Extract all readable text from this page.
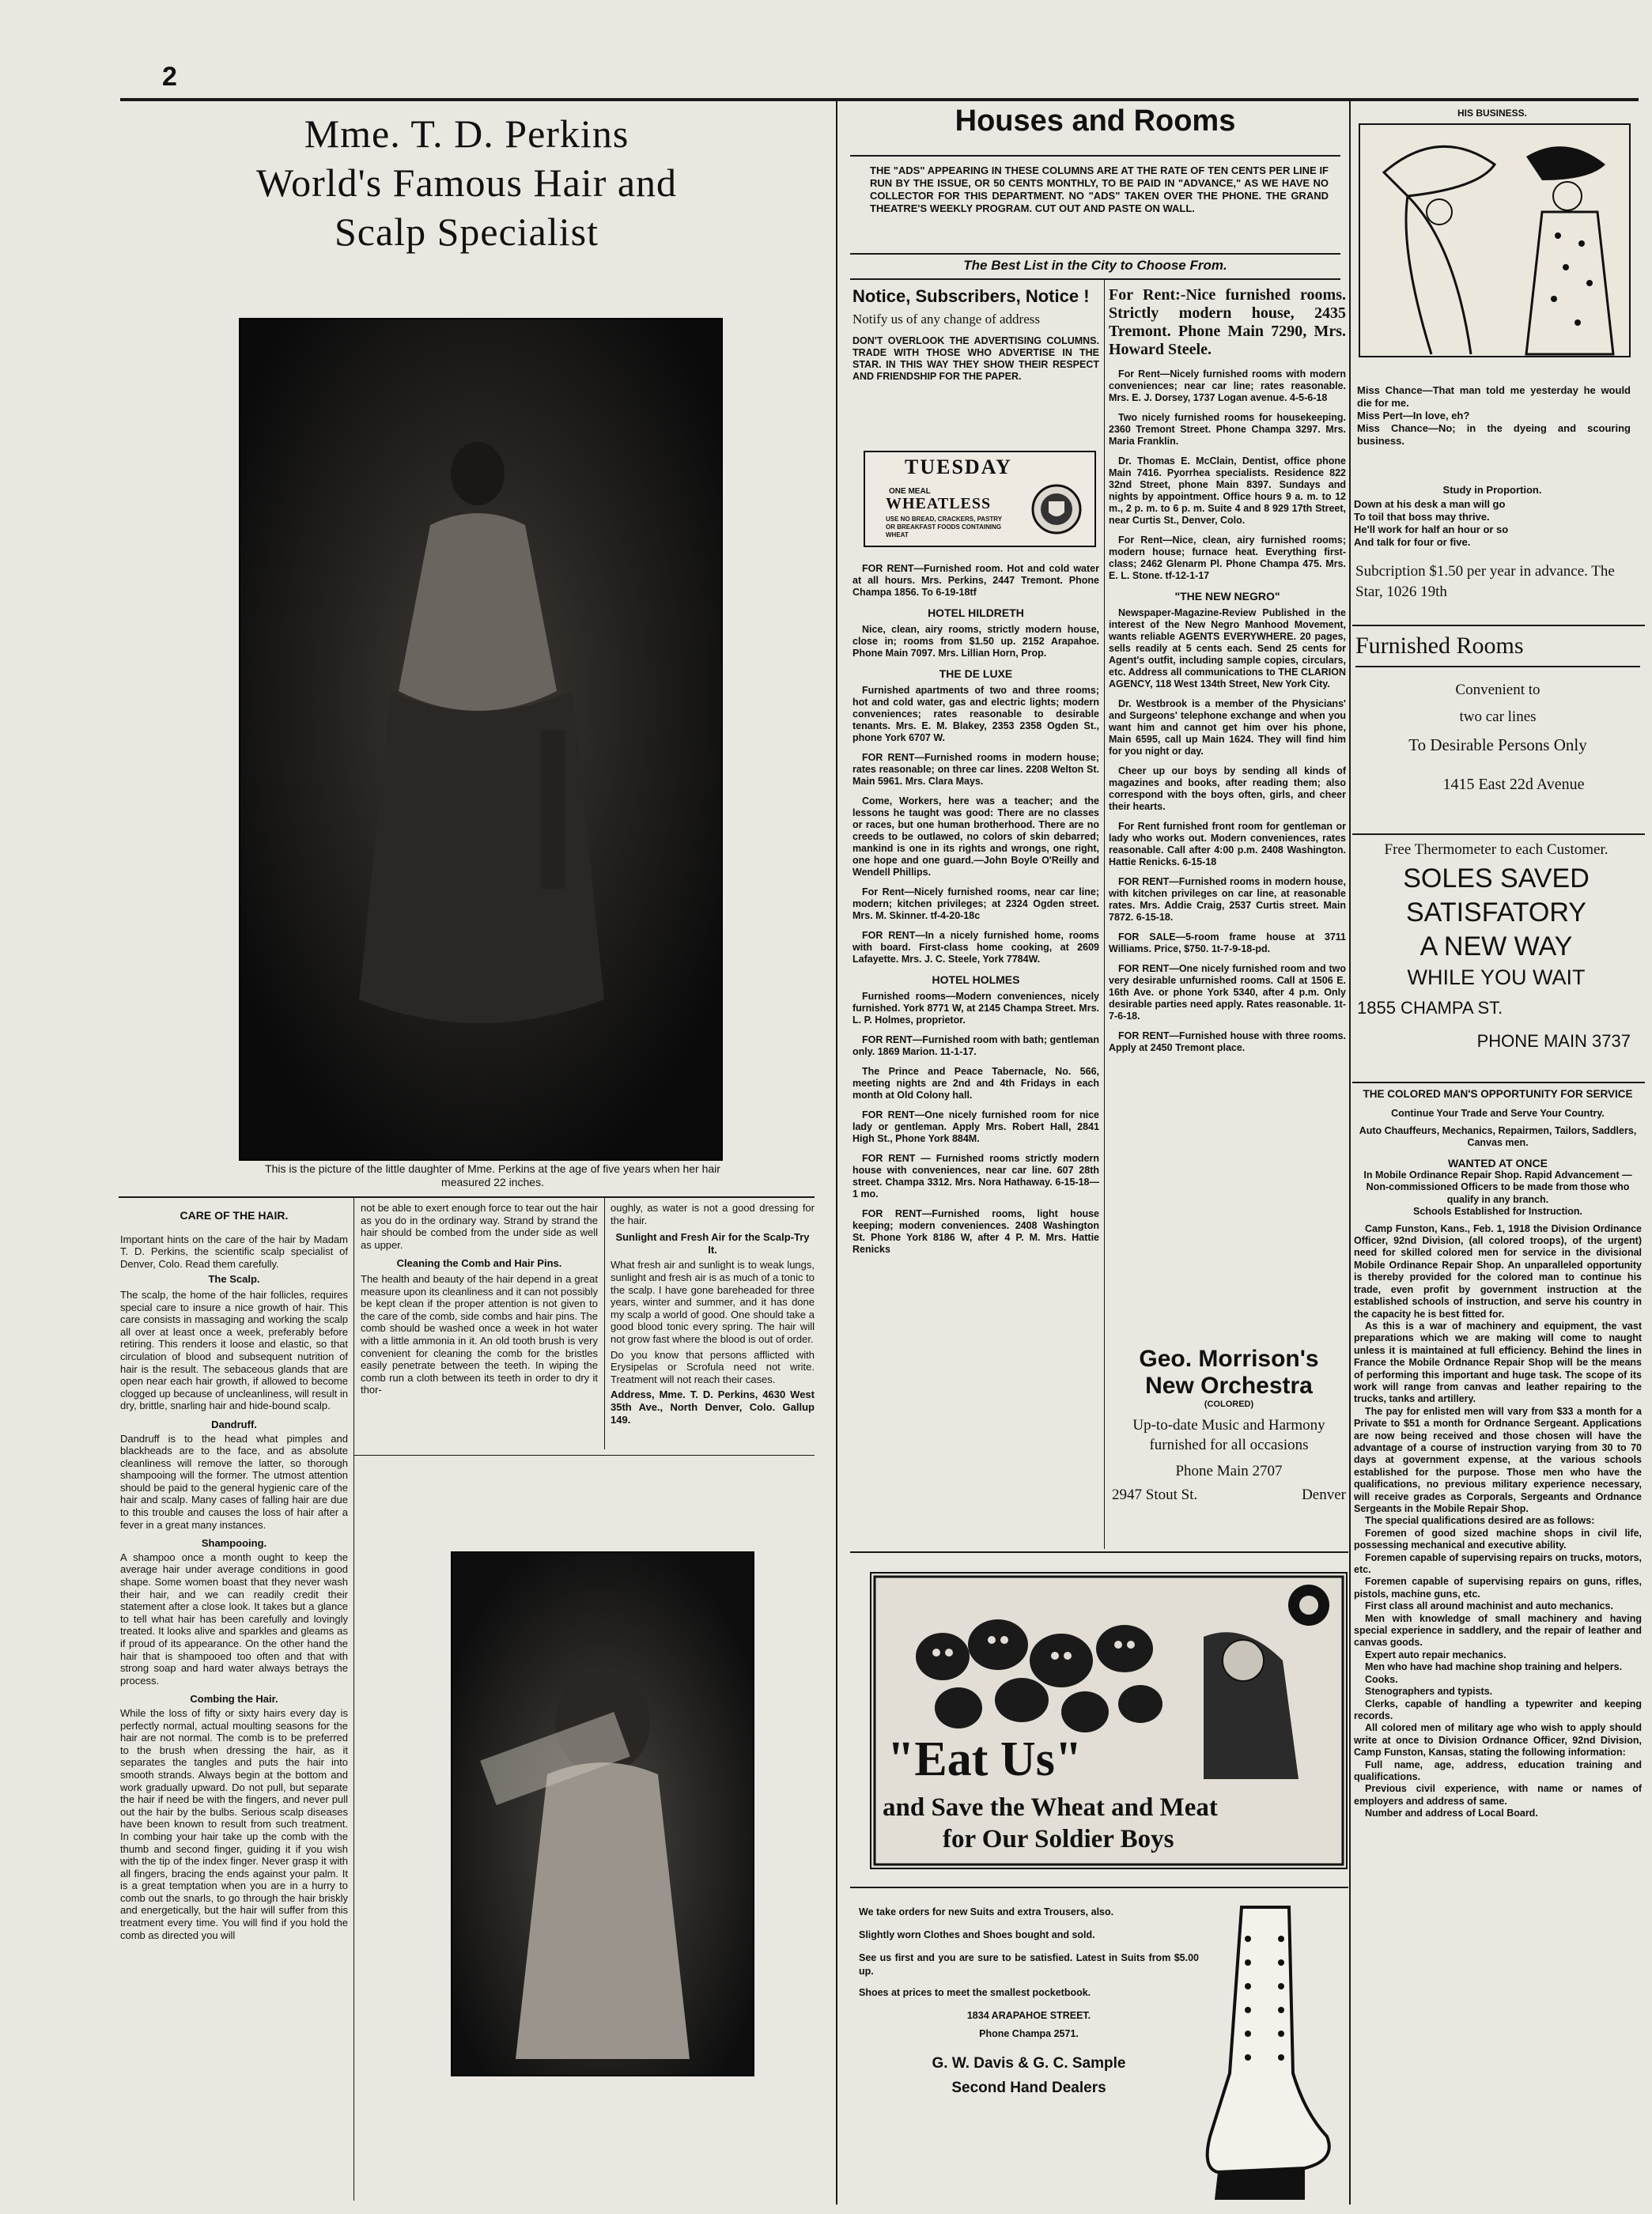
2
Mme. T. D. Perkins
World's Famous Hair and
Scalp Specialist
This is the picture of the little daughter of Mme. Perkins at the age of five years when her hair measured 22 inches.
CARE OF THE HAIR.
Important hints on the care of the hair by Madam T. D. Perkins, the scientific scalp specialist of Denver, Colo. Read them carefully.
The Scalp.
The scalp, the home of the hair follicles, requires special care to insure a nice growth of hair. This care consists in massaging and working the scalp all over at least once a week, preferably before retiring. This renders it loose and elastic, so that circulation of blood and subsequent nutrition of hair is the result. The sebaceous glands that are open near each hair growth, if allowed to become clogged up because of uncleanliness, will result in dry, brittle, snarling hair and hide-bound scalp.
Dandruff.
Dandruff is to the head what pimples and blackheads are to the face, and as absolute cleanliness will remove the latter, so thorough shampooing will the former. The utmost attention should be paid to the general hygienic care of the hair and scalp. Many cases of falling hair are due to this trouble and causes the loss of hair after a fever in a great many instances.
Shampooing.
A shampoo once a month ought to keep the average hair under average conditions in good shape. Some women boast that they never wash their hair, and we can readily credit their statement after a close look. It takes but a glance to tell what hair has been carefully and lovingly treated. It looks alive and sparkles and gleams as if proud of its appearance. On the other hand the hair that is shampooed too often and that with strong soap and hard water always betrays the process.
Combing the Hair.
While the loss of fifty or sixty hairs every day is perfectly normal, actual moulting seasons for the hair are not normal. The comb is to be preferred to the brush when dressing the hair, as it separates the tangles and puts the hair into smooth strands. Always begin at the bottom and work gradually upward. Do not pull, but separate the hair if need be with the fingers, and never pull out the hair by the bulbs. Serious scalp diseases have been known to result from such treatment. In combing your hair take up the comb with the thumb and second finger, guiding it if you wish with the tip of the index finger. Never grasp it with all fingers, bracing the ends against your palm. It is a great temptation when you are in a hurry to comb out the snarls, to go through the hair briskly and energetically, but the hair will suffer from this treatment every time. You will find if you hold the comb as directed you will
not be able to exert enough force to tear out the hair as you do in the ordinary way. Strand by strand the hair should be combed from the under side as well as upper.
Cleaning the Comb and Hair Pins.
The health and beauty of the hair depend in a great measure upon its cleanliness and it can not possibly be kept clean if the proper attention is not given to the care of the comb, side combs and hair pins. The comb should be washed once a week in hot water with a little ammonia in it. An old tooth brush is very convenient for cleaning the comb for the bristles easily penetrate between the teeth. In wiping the comb run a cloth between its teeth in order to dry it thor-
oughly, as water is not a good dressing for the hair.
Sunlight and Fresh Air for the Scalp-Try It.
What fresh air and sunlight is to weak lungs, sunlight and fresh air is as much of a tonic to the scalp. I have gone bareheaded for three years, winter and summer, and it has done my scalp a world of good. One should take a good blood tonic every spring. The hair will not grow fast where the blood is out of order.
Do you know that persons afflicted with Erysipelas or Scrofula need not write. Treatment will not reach their cases.
Address, Mme. T. D. Perkins, 4630 West 35th Ave., North Denver, Colo. Gallup 149.
Houses and Rooms
THE "ADS" APPEARING IN THESE COLUMNS ARE AT THE RATE OF TEN CENTS PER LINE IF RUN BY THE ISSUE, OR 50 CENTS MONTHLY, TO BE PAID IN "ADVANCE," AS WE HAVE NO COLLECTOR FOR THIS DEPARTMENT. NO "ADS" TAKEN OVER THE PHONE. THE GRAND THEATRE'S WEEKLY PROGRAM. CUT OUT AND PASTE ON WALL.
The Best List in the City to Choose From.
Notice, Subscribers, Notice !
Notify us of any change of address
DON'T OVERLOOK THE ADVERTISING COLUMNS. TRADE WITH THOSE WHO ADVERTISE IN THE STAR. IN THIS WAY THEY SHOW THEIR RESPECT AND FRIENDSHIP FOR THE PAPER.
TUESDAY
ONE MEAL
WHEATLESS
USE NO BREAD, CRACKERS, PASTRY OR BREAKFAST FOODS CONTAINING WHEAT
FOR RENT—Furnished room. Hot and cold water at all hours. Mrs. Perkins, 2447 Tremont. Phone Champa 1856. To 6-19-18tf
HOTEL HILDRETH
Nice, clean, airy rooms, strictly modern house, close in; rooms from $1.50 up. 2152 Arapahoe. Phone Main 7097. Mrs. Lillian Horn, Prop.
THE DE LUXE
Furnished apartments of two and three rooms; hot and cold water, gas and electric lights; modern conveniences; rates reasonable to desirable tenants. Mrs. E. M. Blakey, 2353 2358 Ogden St., phone York 6707 W.
FOR RENT—Furnished rooms in modern house; rates reasonable; on three car lines. 2208 Welton St. Main 5961. Mrs. Clara Mays.
Come, Workers, here was a teacher; and the lessons he taught was good: There are no classes or races, but one human brotherhood. There are no creeds to be outlawed, no colors of skin debarred; mankind is one in its rights and wrongs, one right, one hope and one guard.—John Boyle O'Reilly and Wendell Phillips.
For Rent—Nicely furnished rooms, near car line; modern; kitchen privileges; at 2324 Ogden street. Mrs. M. Skinner. tf-4-20-18c
FOR RENT—In a nicely furnished home, rooms with board. First-class home cooking, at 2609 Lafayette. Mrs. J. C. Steele, York 7784W.
HOTEL HOLMES
Furnished rooms—Modern conveniences, nicely furnished. York 8771 W, at 2145 Champa Street. Mrs. L. P. Holmes, proprietor.
FOR RENT—Furnished room with bath; gentleman only. 1869 Marion. 11-1-17.
The Prince and Peace Tabernacle, No. 566, meeting nights are 2nd and 4th Fridays in each month at Old Colony hall.
FOR RENT—One nicely furnished room for nice lady or gentleman. Apply Mrs. Robert Hall, 2841 High St., Phone York 884M.
FOR RENT — Furnished rooms strictly modern house with conveniences, near car line. 607 28th street. Champa 3312. Mrs. Nora Hathaway. 6-15-18—1 mo.
FOR RENT—Furnished rooms, light house keeping; modern conveniences. 2408 Washington St. Phone York 8186 W, after 4 P. M. Mrs. Hattie Renicks
For Rent:-Nice furnished rooms. Strictly modern house, 2435 Tremont. Phone Main 7290, Mrs. Howard Steele.
For Rent—Nicely furnished rooms with modern conveniences; near car line; rates reasonable. Mrs. E. J. Dorsey, 1737 Logan avenue. 4-5-6-18
Two nicely furnished rooms for housekeeping. 2360 Tremont Street. Phone Champa 3297. Mrs. Maria Franklin.
Dr. Thomas E. McClain, Dentist, office phone Main 7416. Pyorrhea specialists. Residence 822 32nd Street, phone Main 8397. Sundays and nights by appointment. Office hours 9 a. m. to 12 m., 2 p. m. to 6 p. m. Suite 4 and 8 929 17th Street, near Curtis St., Denver, Colo.
For Rent—Nice, clean, airy furnished rooms; modern house; furnace heat. Everything first-class; 2462 Glenarm Pl. Phone Champa 475. Mrs. E. L. Stone. tf-12-1-17
"THE NEW NEGRO"
Newspaper-Magazine-Review Published in the interest of the New Negro Manhood Movement, wants reliable AGENTS EVERYWHERE. 20 pages, sells readily at 5 cents each. Send 25 cents for Agent's outfit, including sample copies, circulars, etc. Address all communications to THE CLARION AGENCY, 118 West 134th Street, New York City.
Dr. Westbrook is a member of the Physicians' and Surgeons' telephone exchange and when you want him and cannot get him over his phone, Main 6595, call up Main 1624. They will find him for you night or day.
Cheer up our boys by sending all kinds of magazines and books, after reading them; also correspond with the boys often, girls, and cheer their hearts.
For Rent furnished front room for gentleman or lady who works out. Modern conveniences, rates reasonable. Call after 4:00 p.m. 2408 Washington. Hattie Renicks. 6-15-18
FOR RENT—Furnished rooms in modern house, with kitchen privileges on car line, at reasonable rates. Mrs. Addie Craig, 2537 Curtis street. Main 7872. 6-15-18.
FOR SALE—5-room frame house at 3711 Williams. Price, $750. 1t-7-9-18-pd.
FOR RENT—One nicely furnished room and two very desirable unfurnished rooms. Call at 1506 E. 16th Ave. or phone York 5340, after 4 p.m. Only desirable parties need apply. Rates reasonable. 1t-7-6-18.
FOR RENT—Furnished house with three rooms. Apply at 2450 Tremont place.
Geo. Morrison's
New Orchestra
(COLORED)
Up-to-date Music and Harmony furnished for all occasions
Phone Main 2707
2947 Stout St.	Denver
"Eat Us"
and Save the Wheat and Meat
for Our Soldier Boys
We take orders for new Suits and extra Trousers, also.
Slightly worn Clothes and Shoes bought and sold.
See us first and you are sure to be satisfied. Latest in Suits from $5.00 up.
Shoes at prices to meet the smallest pocketbook.
1834 ARAPAHOE STREET.
Phone Champa 2571.
G. W. Davis & G. C. Sample
Second Hand Dealers
HIS BUSINESS.
Miss Chance—That man told me yesterday he would die for me.
Miss Pert—In love, eh?
Miss Chance—No; in the dyeing and scouring business.
Study in Proportion.
Down at his desk a man will go
To toil that boss may thrive.
He'll work for half an hour or so
And talk for four or five.
Subcription $1.50 per year in advance. The Star, 1026 19th
Furnished Rooms
Convenient to
two car lines
To Desirable Persons Only
1415 East 22d Avenue
Free Thermometer to each Customer.
SOLES SAVED
SATISFATORY
A NEW WAY
WHILE YOU WAIT
1855 CHAMPA ST.
PHONE MAIN 3737
THE COLORED MAN'S OPPORTUNITY FOR SERVICE
Continue Your Trade and Serve Your Country.
Auto Chauffeurs, Mechanics, Repairmen, Tailors, Saddlers, Canvas men.
WANTED AT ONCE
In Mobile Ordinance Repair Shop. Rapid Advancement — Non-commissioned Officers to be made from those who qualify in any branch.
Schools Established for Instruction.
Camp Funston, Kans., Feb. 1, 1918 the Division Ordinance Officer, 92nd Division, (all colored troops), of the urgent) need for skilled colored men for service in the divisional Mobile Ordinance Repair Shop. An unparalleled opportunity is thereby provided for the colored man to continue his trade, even profit by government instruction at the established schools of instruction, and serve his country in the capacity he is best fitted for.
As this is a war of machinery and equipment, the vast preparations which we are making will come to naught unless it is maintained at full efficiency. Behind the lines in France the Mobile Ordnance Repair Shop will be the means of performing this important and huge task. The scope of its work will range from canvas and leather repairing to the trucks, tanks and artillery.
The pay for enlisted men will vary from $33 a month for a Private to $51 a month for Ordnance Sergeant. Applications are now being received and those chosen will have the advantage of a course of instruction varying from 30 to 70 days at government expense, at the various schools established for the purpose. Those men who have the qualifications, no previous military experience necessary, will receive grades as Corporals, Sergeants and Ordnance Sergeants in the Mobile Repair Shop.
The special qualifications desired are as follows:
Foremen of good sized machine shops in civil life, possessing mechanical and executive ability.
Foremen capable of supervising repairs on trucks, motors, etc.
Foremen capable of supervising repairs on guns, rifles, pistols, machine guns, etc.
First class all around machinist and auto mechanics.
Men with knowledge of small machinery and having special experience in saddlery, and the repair of leather and canvas goods.
Expert auto repair mechanics.
Men who have had machine shop training and helpers.
Cooks.
Stenographers and typists.
Clerks, capable of handling a typewriter and keeping records.
All colored men of military age who wish to apply should write at once to Division Ordnance Officer, 92nd Division, Camp Funston, Kansas, stating the following information:
Full name, age, address, education training and qualifications.
Previous civil experience, with name or names of employers and address of same.
Number and address of Local Board.
